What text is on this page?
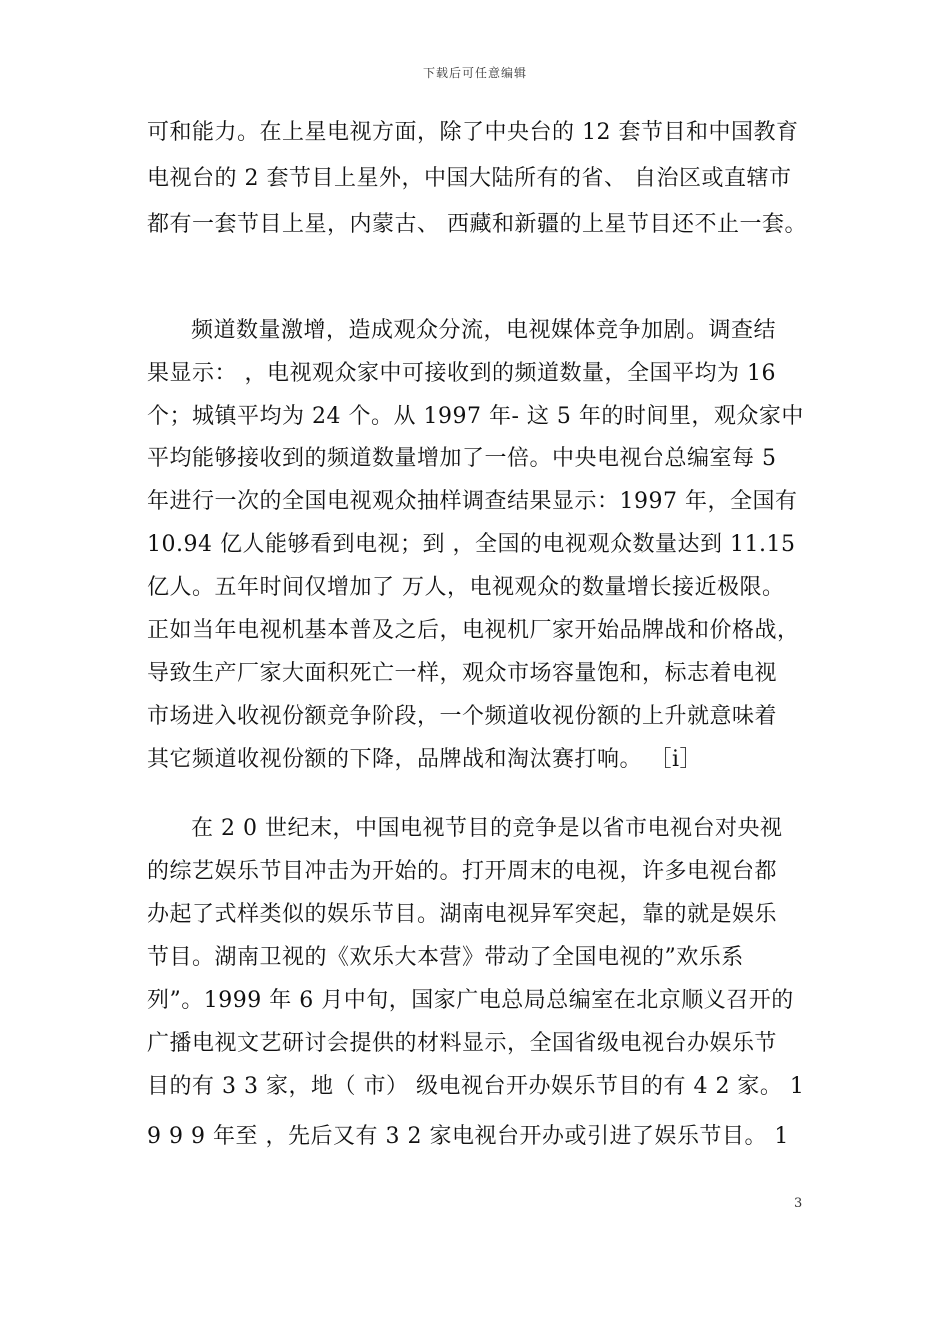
下载后可任意编辑
可和能力。在上星电视方面，除了中央台的 12 套节目和中国教育
电视台的 2 套节目上星外，中国大陆所有的省、 自治区或直辖市
都有一套节目上星，内蒙古、 西藏和新疆的上星节目还不止一套。
频道数量激增，造成观众分流，电视媒体竞争加剧。调查结
果显示： ，电视观众家中可接收到的频道数量，全国平均为 16
个；城镇平均为 24 个。从 1997 年- 这 5 年的时间里，观众家中
平均能够接收到的频道数量增加了一倍。中央电视台总编室每 5
年进行一次的全国电视观众抽样调查结果显示：1997 年，全国有
10.94 亿人能够看到电视；到 ，全国的电视观众数量达到 11.15
亿人。五年时间仅增加了 万人，电视观众的数量增长接近极限。
正如当年电视机基本普及之后，电视机厂家开始品牌战和价格战，
导致生产厂家大面积死亡一样，观众市场容量饱和，标志着电视
市场进入收视份额竞争阶段，一个频道收视份额的上升就意味着
其它频道收视份额的下降，品牌战和淘汰赛打响。 ［i］
在 2 0 世纪末，中国电视节目的竞争是以省市电视台对央视
的综艺娱乐节目冲击为开始的。打开周末的电视，许多电视台都
办起了式样类似的娱乐节目。湖南电视异军突起，靠的就是娱乐
节目。湖南卫视的《欢乐大本营》带动了全国电视的”欢乐系
列”。1999 年 6 月中旬，国家广电总局总编室在北京顺义召开的
广播电视文艺研讨会提供的材料显示，全国省级电视台办娱乐节
目的有 3 3 家，地（ 市） 级电视台开办娱乐节目的有 4 2 家。 1
9 9 9 年至 ，先后又有 3 2 家电视台开办或引进了娱乐节目。 1
3
